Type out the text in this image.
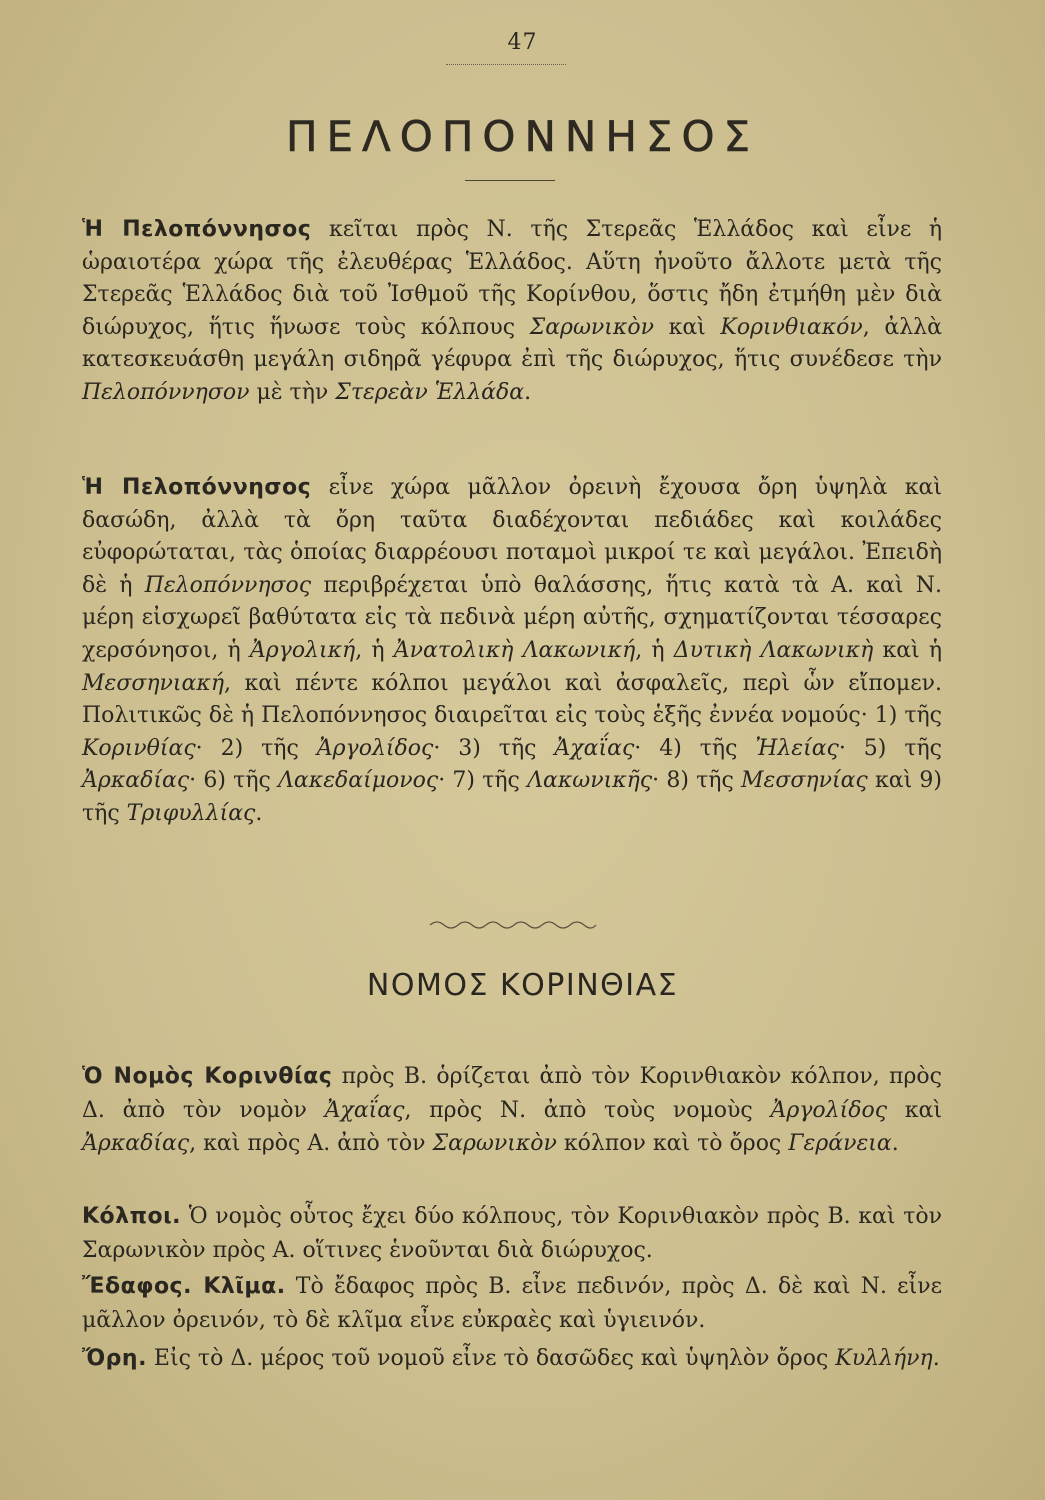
47
ΠΕΛΟΠΟΝΝΗΣΟΣ
Ἡ Πελοπόννησος κεῖται πρὸς Ν. τῆς Στερεᾶς Ἑλλάδος καὶ εἶνε ἡ ὡραιοτέρα χώρα τῆς ἐλευθέρας Ἑλλάδος. Αὕτη ἡνοῦτο ἄλλοτε μετὰ τῆς Στερεᾶς Ἑλλάδος διὰ τοῦ Ἰσθμοῦ τῆς Κορίνθου, ὅστις ἤδη ἐτμήθη μὲν διὰ διώρυχος, ἥτις ἥνωσε τοὺς κόλπους Σαρωνικὸν καὶ Κορινθιακόν, ἀλλὰ κατεσκευάσθη μεγάλη σιδηρᾶ γέφυρα ἐπὶ τῆς διώρυχος, ἥτις συνέδεσε τὴν Πελοπόννησον μὲ τὴν Στερεὰν Ἑλλάδα.
Ἡ Πελοπόννησος εἶνε χώρα μᾶλλον ὀρεινὴ ἔχουσα ὄρη ὑψηλὰ καὶ δασώδη, ἀλλὰ τὰ ὄρη ταῦτα διαδέχονται πεδιάδες καὶ κοιλάδες εὐφορώταται, τὰς ὁποίας διαρρέουσι ποταμοὶ μικροί τε καὶ μεγάλοι. Ἐπειδὴ δὲ ἡ Πελοπόννησος περιβρέχεται ὑπὸ θαλάσσης, ἥτις κατὰ τὰ Α. καὶ Ν. μέρη εἰσχωρεῖ βαθύτατα εἰς τὰ πεδινὰ μέρη αὐτῆς, σχηματίζονται τέσσαρες χερσόνησοι, ἡ Ἀργολική, ἡ Ἀνατολικὴ Λακωνική, ἡ Δυτικὴ Λακωνικὴ καὶ ἡ Μεσσηνιακή, καὶ πέντε κόλποι μεγάλοι καὶ ἀσφαλεῖς, περὶ ὧν εἴπομεν. Πολιτικῶς δὲ ἡ Πελοπόννησος διαιρεῖται εἰς τοὺς ἑξῆς ἐννέα νομούς· 1) τῆς Κορινθίας· 2) τῆς Ἀργολίδος· 3) τῆς Ἀχαΐας· 4) τῆς Ἠλείας· 5) τῆς Ἀρκαδίας· 6) τῆς Λακεδαίμονος· 7) τῆς Λακωνικῆς· 8) τῆς Μεσσηνίας καὶ 9) τῆς Τριφυλλίας.
ΝΟΜΟΣ ΚΟΡΙΝΘΙΑΣ
Ὁ Νομὸς Κορινθίας πρὸς Β. ὁρίζεται ἀπὸ τὸν Κορινθιακὸν κόλπον, πρὸς Δ. ἀπὸ τὸν νομὸν Ἀχαΐας, πρὸς Ν. ἀπὸ τοὺς νομοὺς Ἀργολίδος καὶ Ἀρκαδίας, καὶ πρὸς Α. ἀπὸ τὸν Σαρωνικὸν κόλπον καὶ τὸ ὄρος Γεράνεια.
Κόλποι. Ὁ νομὸς οὗτος ἔχει δύο κόλπους, τὸν Κορινθιακὸν πρὸς Β. καὶ τὸν Σαρωνικὸν πρὸς Α. οἵτινες ἑνοῦνται διὰ διώρυχος.
Ἔδαφος. Κλῖμα. Τὸ ἔδαφος πρὸς Β. εἶνε πεδινόν, πρὸς Δ. δὲ καὶ Ν. εἶνε μᾶλλον ὀρεινόν, τὸ δὲ κλῖμα εἶνε εὐκραὲς καὶ ὑγιεινόν.
Ὄρη. Εἰς τὸ Δ. μέρος τοῦ νομοῦ εἶνε τὸ δασῶδες καὶ ὑψηλὸν ὄρος Κυλλήνη.
